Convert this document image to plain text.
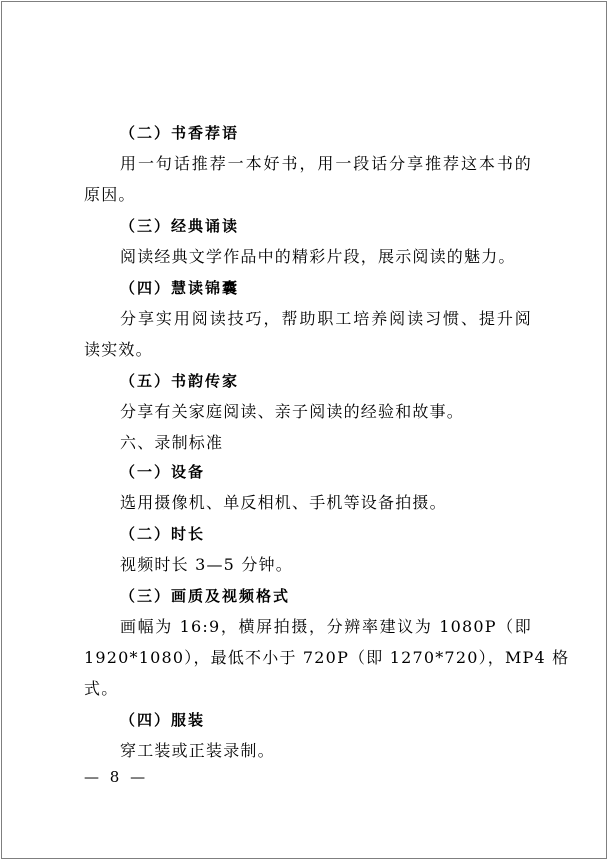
（二）书香荐语
用一句话推荐一本好书，用一段话分享推荐这本书的
原因。
（三）经典诵读
阅读经典文学作品中的精彩片段，展示阅读的魅力。
（四）慧读锦囊
分享实用阅读技巧，帮助职工培养阅读习惯、提升阅
读实效。
（五）书韵传家
分享有关家庭阅读、亲子阅读的经验和故事。
六、录制标准
（一）设备
选用摄像机、单反相机、手机等设备拍摄。
（二）时长
视频时长 3—5 分钟。
（三）画质及视频格式
画幅为 16:9，横屏拍摄，分辨率建议为 1080P（即
1920*1080），最低不小于 720P（即 1270*720），MP4 格
式。
（四）服装
穿工装或正装录制。
— 8 —
